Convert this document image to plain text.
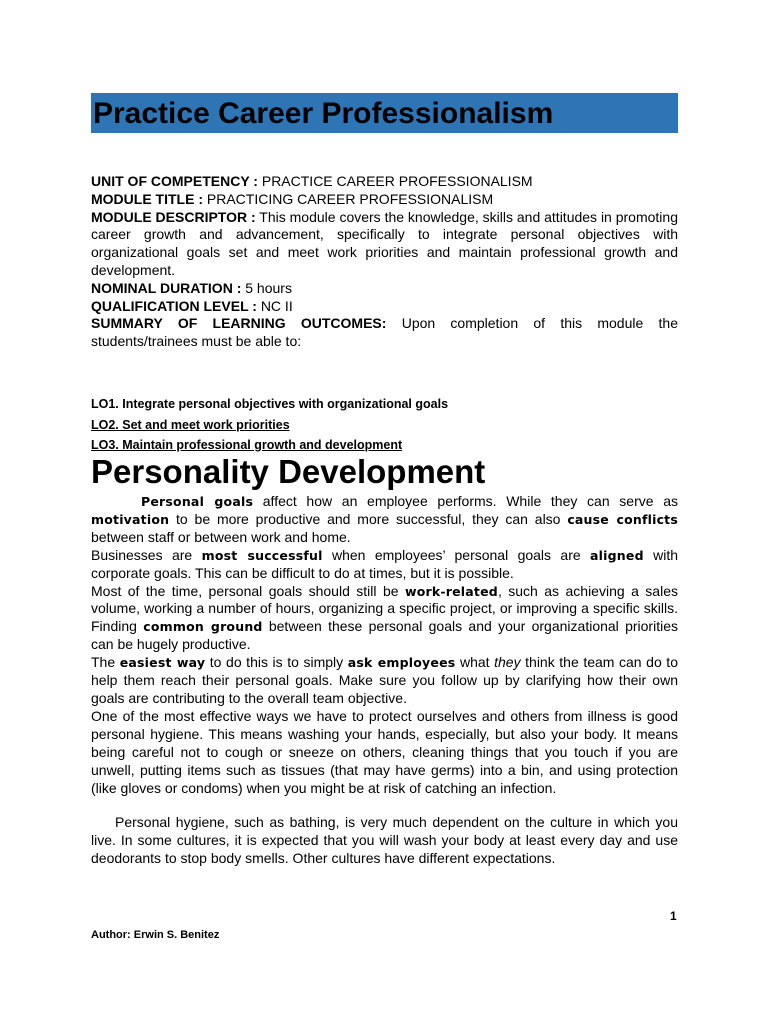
Practice Career Professionalism

UNIT OF COMPETENCY : PRACTICE CAREER PROFESSIONALISM

MODULE TITLE : PRACTICING CAREER PROFESSIONALISM

MODULE DESCRIPTOR : This module covers the knowledge, skills and attitudes in promoting career growth and advancement, specifically to integrate personal objectives with organizational goals set and meet work priorities and maintain professional growth and development.

NOMINAL DURATION : 5 hours

QUALIFICATION LEVEL : NC II

SUMMARY OF LEARNING OUTCOMES: Upon completion of this module the students/trainees must be able to:

LO1. Integrate personal objectives with organizational goals
LO2. Set and meet work priorities
LO3. Maintain professional growth and development
Personality Development

Personal goals affect how an employee performs. While they can serve as motivation to be more productive and more successful, they can also cause conflicts between staff or between work and home.

Businesses are most successful when employees’ personal goals are aligned with corporate goals. This can be difficult to do at times, but it is possible.

Most of the time, personal goals should still be work-related, such as achieving a sales volume, working a number of hours, organizing a specific project, or improving a specific skills. Finding common ground between these personal goals and your organizational priorities can be hugely productive.

The easiest way to do this is to simply ask employees what they think the team can do to help them reach their personal goals. Make sure you follow up by clarifying how their own goals are contributing to the overall team objective.

One of the most effective ways we have to protect ourselves and others from illness is good personal hygiene. This means washing your hands, especially, but also your body. It means being careful not to cough or sneeze on others, cleaning things that you touch if you are unwell, putting items such as tissues (that may have germs) into a bin, and using protection (like gloves or condoms) when you might be at risk of catching an infection.

Personal hygiene, such as bathing, is very much dependent on the culture in which you live. In some cultures, it is expected that you will wash your body at least every day and use deodorants to stop body smells. Other cultures have different expectations.

1
Author: Erwin S. Benitez
